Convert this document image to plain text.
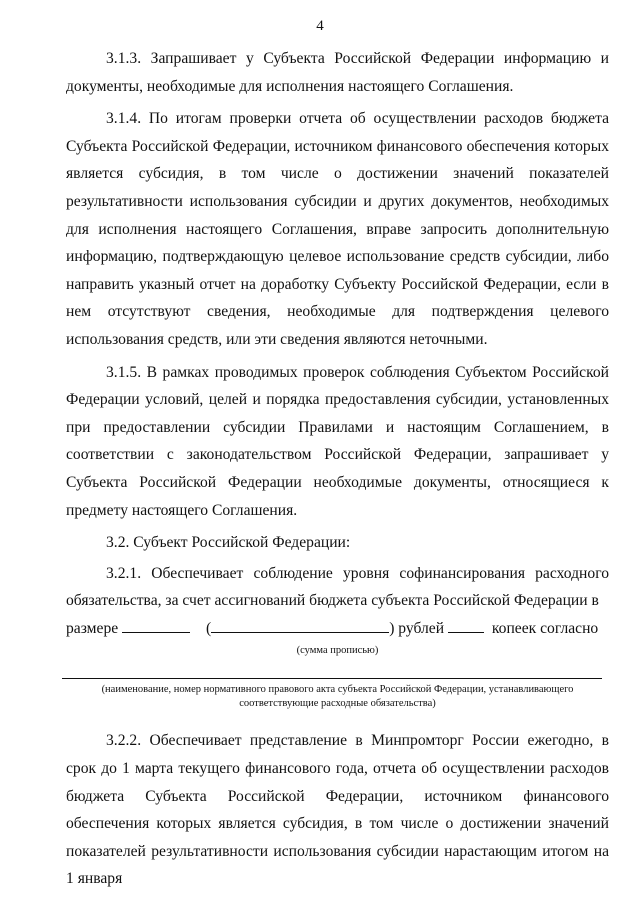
4

3.1.3. Запрашивает у Субъекта Российской Федерации информацию и документы, необходимые для исполнения настоящего Соглашения.

3.1.4. По итогам проверки отчета об осуществлении расходов бюджета Субъекта Российской Федерации, источником финансового обеспечения которых является субсидия, в том числе о достижении значений показателей результативности использования субсидии и других документов, необходимых для исполнения настоящего Соглашения, вправе запросить дополнительную информацию, подтверждающую целевое использование средств субсидии, либо направить указный отчет на доработку Субъекту Российской Федерации, если в нем отсутствуют сведения, необходимые для подтверждения целевого использования средств, или эти сведения являются неточными.

3.1.5. В рамках проводимых проверок соблюдения Субъектом Российской Федерации условий, целей и порядка предоставления субсидии, установленных при предоставлении субсидии Правилами и настоящим Соглашением, в соответствии с законодательством Российской Федерации, запрашивает у Субъекта Российской Федерации необходимые документы, относящиеся к предмету настоящего Соглашения.

3.2. Субъект Российской Федерации:

3.2.1. Обеспечивает соблюдение уровня софинансирования расходного обязательства, за счет ассигнований бюджета субъекта Российской Федерации в

размере	(	) рублей	копеек согласно

(сумма прописью)
(наименование, номер нормативного правового акта субъекта Российской Федерации, устанавливающего соответствующие расходные обязательства)

3.2.2. Обеспечивает представление в Минпромторг России ежегодно, в срок до 1 марта текущего финансового года, отчета об осуществлении расходов бюджета Субъекта Российской Федерации, источником финансового обеспечения которых является субсидия, в том числе о достижении значений показателей результативности использования субсидии нарастающим итогом на 1 января
